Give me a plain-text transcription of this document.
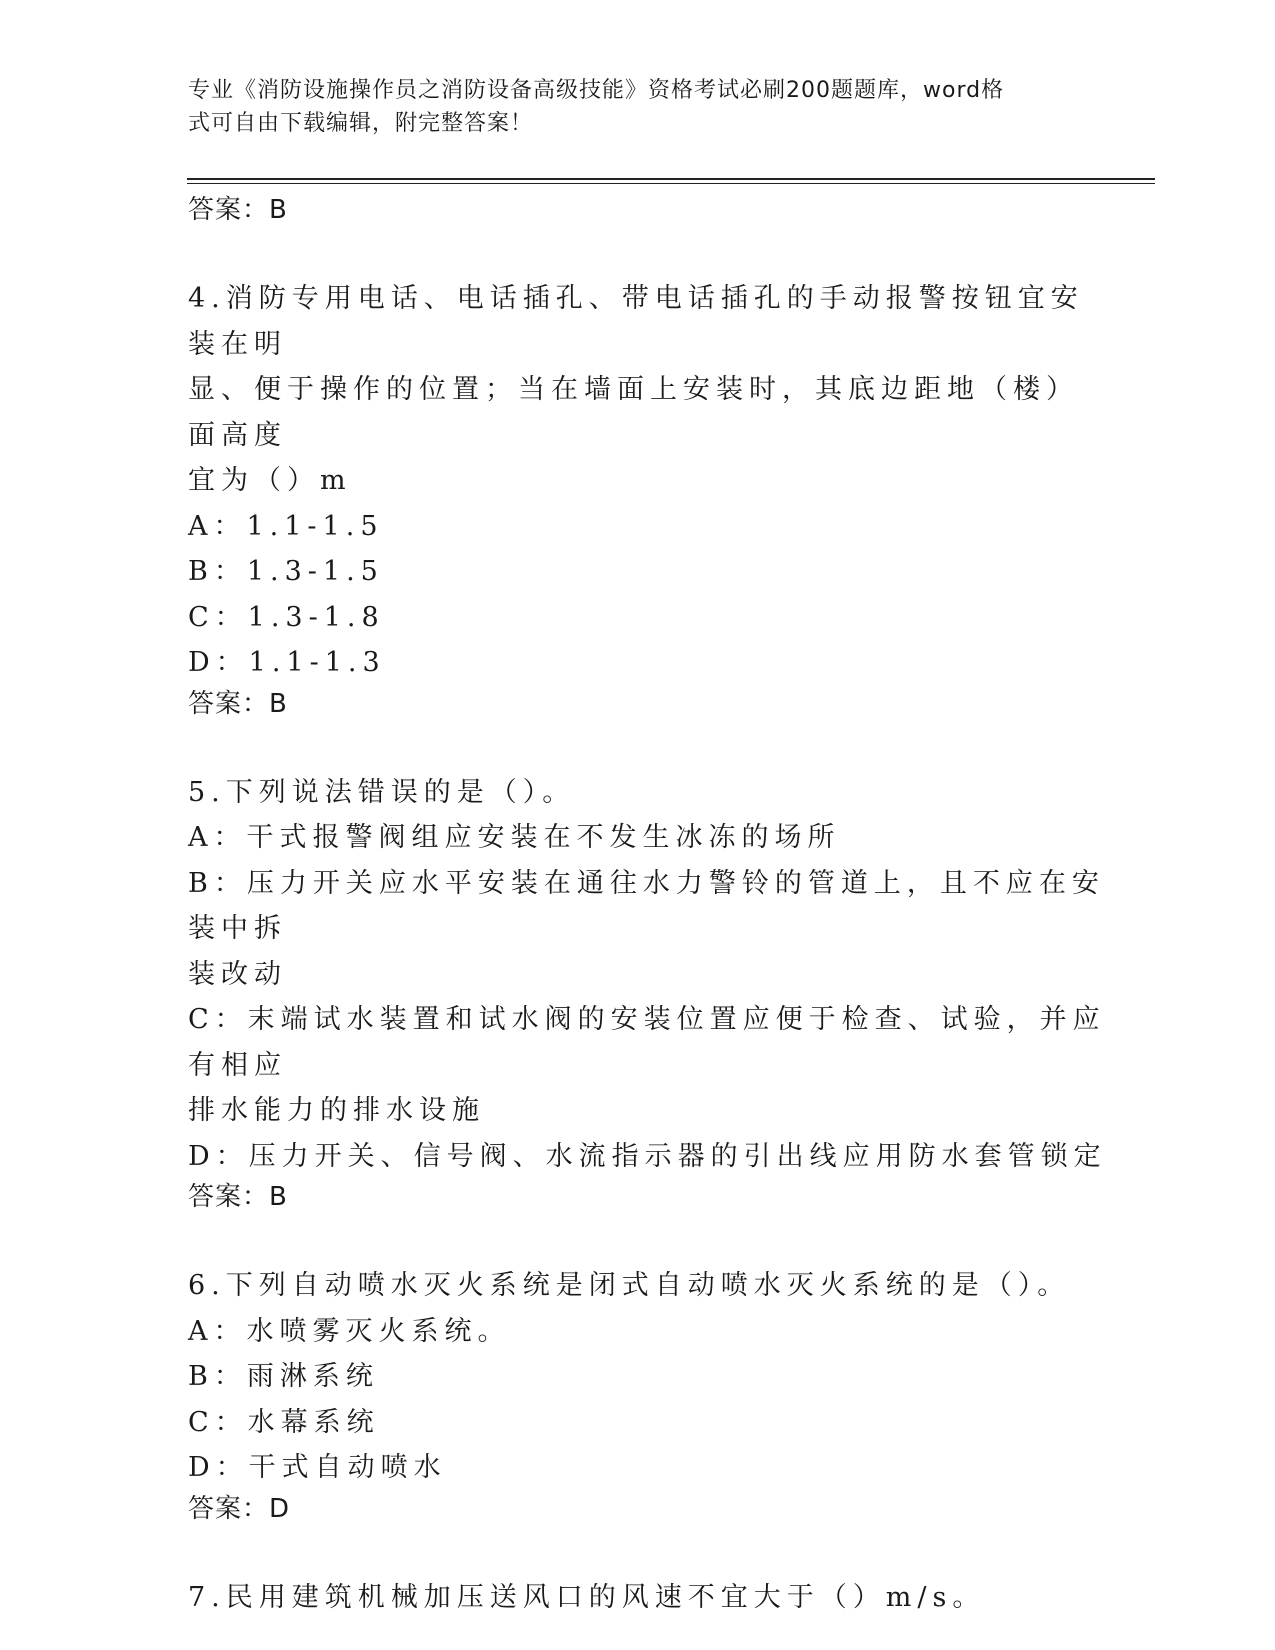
专业《消防设施操作员之消防设备高级技能》资格考试必刷200题题库，word格
式可自由下载编辑，附完整答案！
答案：B
4.消防专用电话、电话插孔、带电话插孔的手动报警按钮宜安装在明
显、便于操作的位置；当在墙面上安装时，其底边距地（楼）面高度
宜为（）m
A：1.1-1.5
B：1.3-1.5
C：1.3-1.8
D：1.1-1.3
答案：B
5.下列说法错误的是（）。
A：干式报警阀组应安装在不发生冰冻的场所
B：压力开关应水平安装在通往水力警铃的管道上，且不应在安装中拆
装改动
C：末端试水装置和试水阀的安装位置应便于检查、试验，并应有相应
排水能力的排水设施
D：压力开关、信号阀、水流指示器的引出线应用防水套管锁定
答案：B
6.下列自动喷水灭火系统是闭式自动喷水灭火系统的是（）。
A：水喷雾灭火系统。
B：雨淋系统
C：水幕系统
D：干式自动喷水
答案：D
7.民用建筑机械加压送风口的风速不宜大于（）m/s。
